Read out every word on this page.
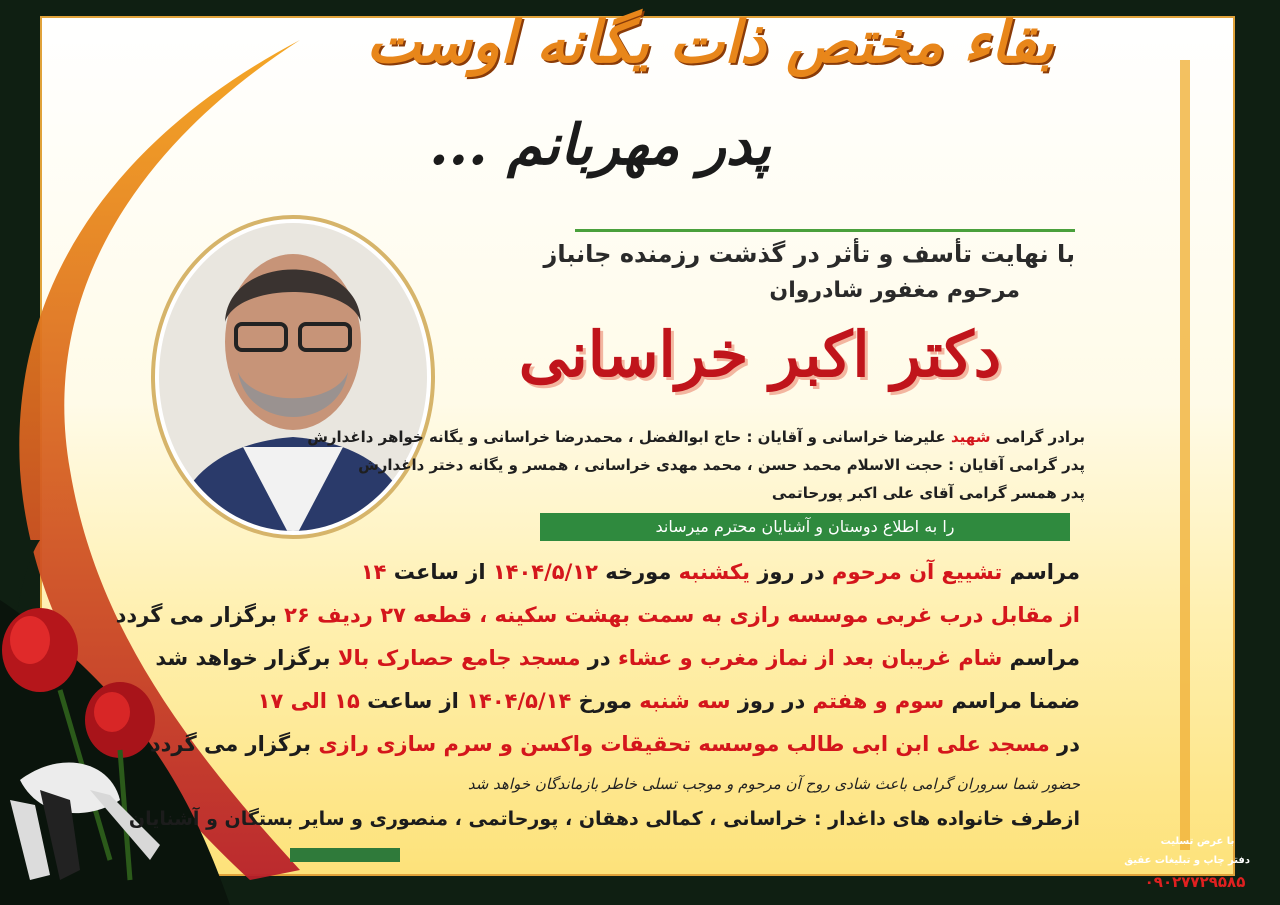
بقاء مختص ذات یگانه اوست
پدر مهربانم ...
با نهایت تأسف و تأثر در گذشت رزمنده جانباز
مرحوم مغفور شادروان
دکتر اکبر خراسانی
برادر گرامی شهید علیرضا خراسانی و آقایان : حاج ابوالفضل ، محمدرضا خراسانی و یگانه خواهر داغدارش
پدر گرامی آقایان : حجت الاسلام محمد حسن ، محمد مهدی خراسانی ، همسر و یگانه دختر داغدارش
پدر همسر گرامی آقای علی اکبر پورحاتمی
را به اطلاع دوستان و آشنایان محترم میرساند
مراسم تشییع آن مرحوم در روز یکشنبه مورخه ۱۴۰۴/۵/۱۲ از ساعت ۱۴
از مقابل درب غربی موسسه رازی به سمت بهشت سکینه ، قطعه ۲۷ ردیف ۲۶ برگزار می گردد
مراسم شام غریبان بعد از نماز مغرب و عشاء در مسجد جامع حصارک بالا برگزار خواهد شد
ضمنا مراسم سوم و هفتم در روز سه شنبه مورخ ۱۴۰۴/۵/۱۴ از ساعت ۱۵ الی ۱۷
در مسجد علی ابن ابی طالب موسسه تحقیقات واکسن و سرم سازی رازی برگزار می گردد
حضور شما سروران گرامی باعث شادی روح آن مرحوم و موجب تسلی خاطر بازماندگان خواهد شد
ازطرف خانواده های داغدار : خراسانی ، کمالی دهقان ، پورحاتمی ، منصوری و سایر بستگان و آشنایان
با عرض تسلیت
دفتر چاپ و تبلیغات عقیق
۰۹۰۲۷۷۲۹۵۸۵
